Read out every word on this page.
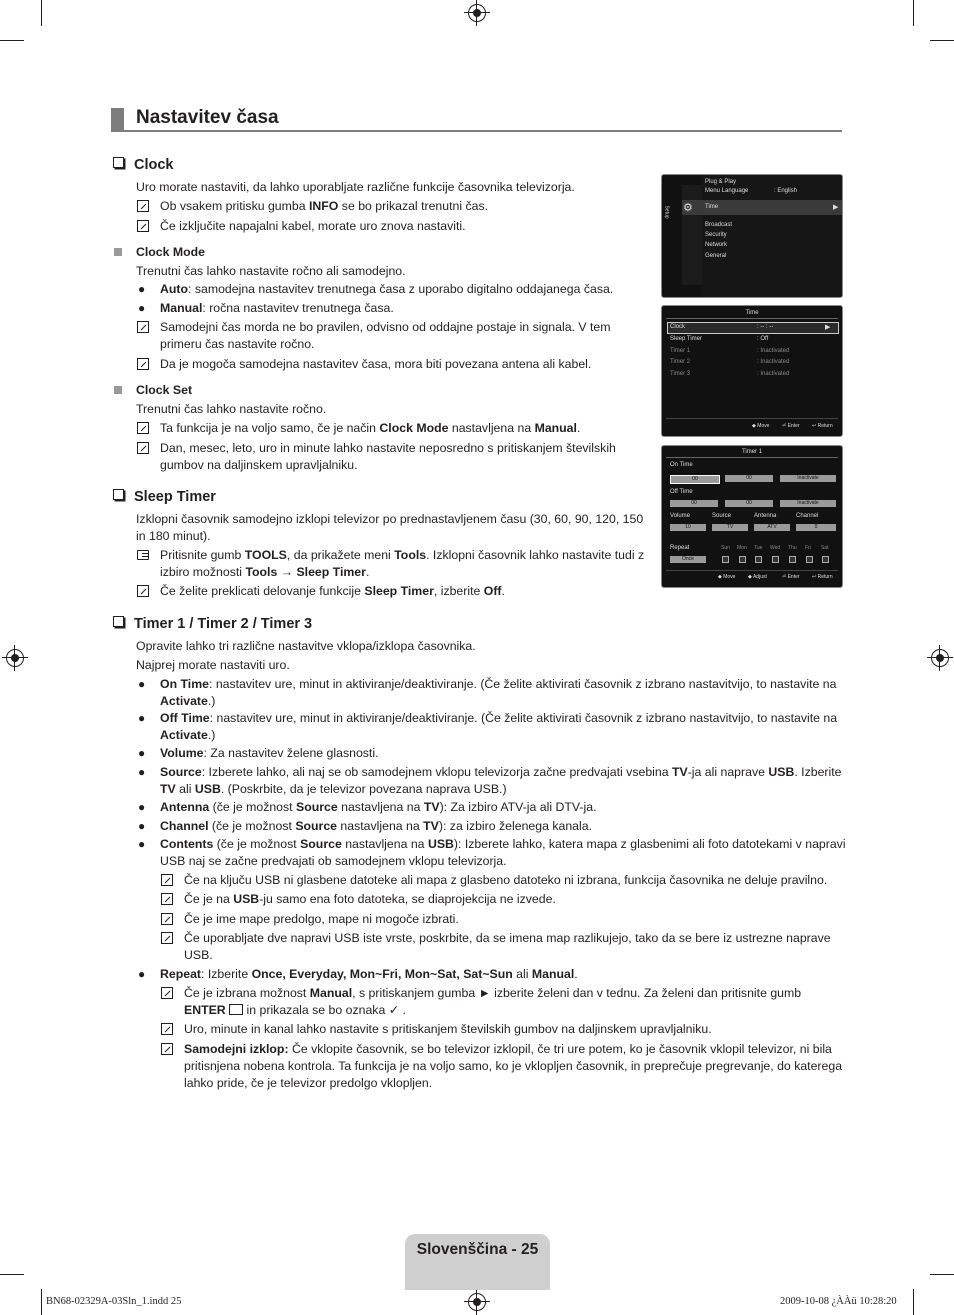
Nastavitev časa
Clock
Uro morate nastaviti, da lahko uporabljate različne funkcije časovnika televizorja.
Ob vsakem pritisku gumba INFO se bo prikazal trenutni čas.
Če izključite napajalni kabel, morate uro znova nastaviti.
Clock Mode
Trenutni čas lahko nastavite ročno ali samodejno.
● Auto: samodejna nastavitev trenutnega časa z uporabo digitalno oddajanega časa.
● Manual: ročna nastavitev trenutnega časa.
Samodejni čas morda ne bo pravilen, odvisno od oddajne postaje in signala. V tem
primeru čas nastavite ročno.
Da je mogoča samodejna nastavitev časa, mora biti povezana antena ali kabel.
Clock Set
Trenutni čas lahko nastavite ročno.
Ta funkcija je na voljo samo, če je način Clock Mode nastavljena na Manual.
Dan, mesec, leto, uro in minute lahko nastavite neposredno s pritiskanjem številskih
gumbov na daljinskem upravljalniku.
Sleep Timer
Izklopni časovnik samodejno izklopi televizor po prednastavljenem času (30, 60, 90, 120, 150
in 180 minut).
Pritisnite gumb TOOLS, da prikažete meni Tools. Izklopni časovnik lahko nastavite tudi z
izbiro možnosti Tools → Sleep Timer.
Če želite preklicati delovanje funkcije Sleep Timer, izberite Off.
Timer 1 / Timer 2 / Timer 3
Opravite lahko tri različne nastavitve vklopa/izklopa časovnika.
Najprej morate nastaviti uro.
● On Time: nastavitev ure, minut in aktiviranje/deaktiviranje. (Če želite aktivirati časovnik z izbrano nastavitvijo, to nastavite na
Activate.)
● Off Time: nastavitev ure, minut in aktiviranje/deaktiviranje. (Če želite aktivirati časovnik z izbrano nastavitvijo, to nastavite na
Activate.)
● Volume: Za nastavitev želene glasnosti.
● Source: Izberete lahko, ali naj se ob samodejnem vklopu televizorja začne predvajati vsebina TV-ja ali naprave USB. Izberite
TV ali USB. (Poskrbite, da je televizor povezana naprava USB.)
● Antenna (če je možnost Source nastavljena na TV): Za izbiro ATV-ja ali DTV-ja.
● Channel (če je možnost Source nastavljena na TV): za izbiro želenega kanala.
● Contents (če je možnost Source nastavljena na USB): Izberete lahko, katera mapa z glasbenimi ali foto datotekami v napravi
USB naj se začne predvajati ob samodejnem vklopu televizorja.
Če na ključu USB ni glasbene datoteke ali mapa z glasbeno datoteko ni izbrana, funkcija časovnika ne deluje pravilno.
Če je na USB-ju samo ena foto datoteka, se diaprojekcija ne izvede.
Če je ime mape predolgo, mape ni mogoče izbrati.
Če uporabljate dve napravi USB iste vrste, poskrbite, da se imena map razlikujejo, tako da se bere iz ustrezne naprave
USB.
● Repeat: Izberite Once, Everyday, Mon~Fri, Mon~Sat, Sat~Sun ali Manual.
Če je izbrana možnost Manual, s pritiskanjem gumba ► izberite želeni dan v tednu. Za želeni dan pritisnite gumb
ENTER  in prikazala se bo oznaka ✓ .
Uro, minute in kanal lahko nastavite s pritiskanjem številskih gumbov na daljinskem upravljalniku.
Samodejni izklop: Če vklopite časovnik, se bo televizor izklopil, če tri ure potem, ko je časovnik vklopil televizor, ni bila
pritisnjena nobena kontrola. Ta funkcija je na voljo samo, ko je vklopljen časovnik, in preprečuje pregrevanje, do katerega
lahko pride, če je televizor predolgo vklopljen.
Setup
Plug & Play
Menu Language	: English
⚙ Time	▶
Broadcast
Security
Network
General
Time
Clock	: -- : --	▶
Sleep Timer	: Off
Timer 1	: Inactivated
Timer 2	: Inactivated
Timer 3	: Inactivated
◆ Move	⏎ Enter ↩ Return
Timer 1
On Time
00	00	Inactivate
Off Time
00	00	Inactivate
Volume	Source	Antenna	Channel
10	TV	ATV	0
Repeat
Once
Sun Mon Tue Wed Thu Fri Sat
◆ Move	◆ Adjust	⏎ Enter ↩ Return
Slovenščina - 25
BN68-02329A-03Sln_1.indd 25	2009-10-08 ¿ÀÀü 10:28:20
